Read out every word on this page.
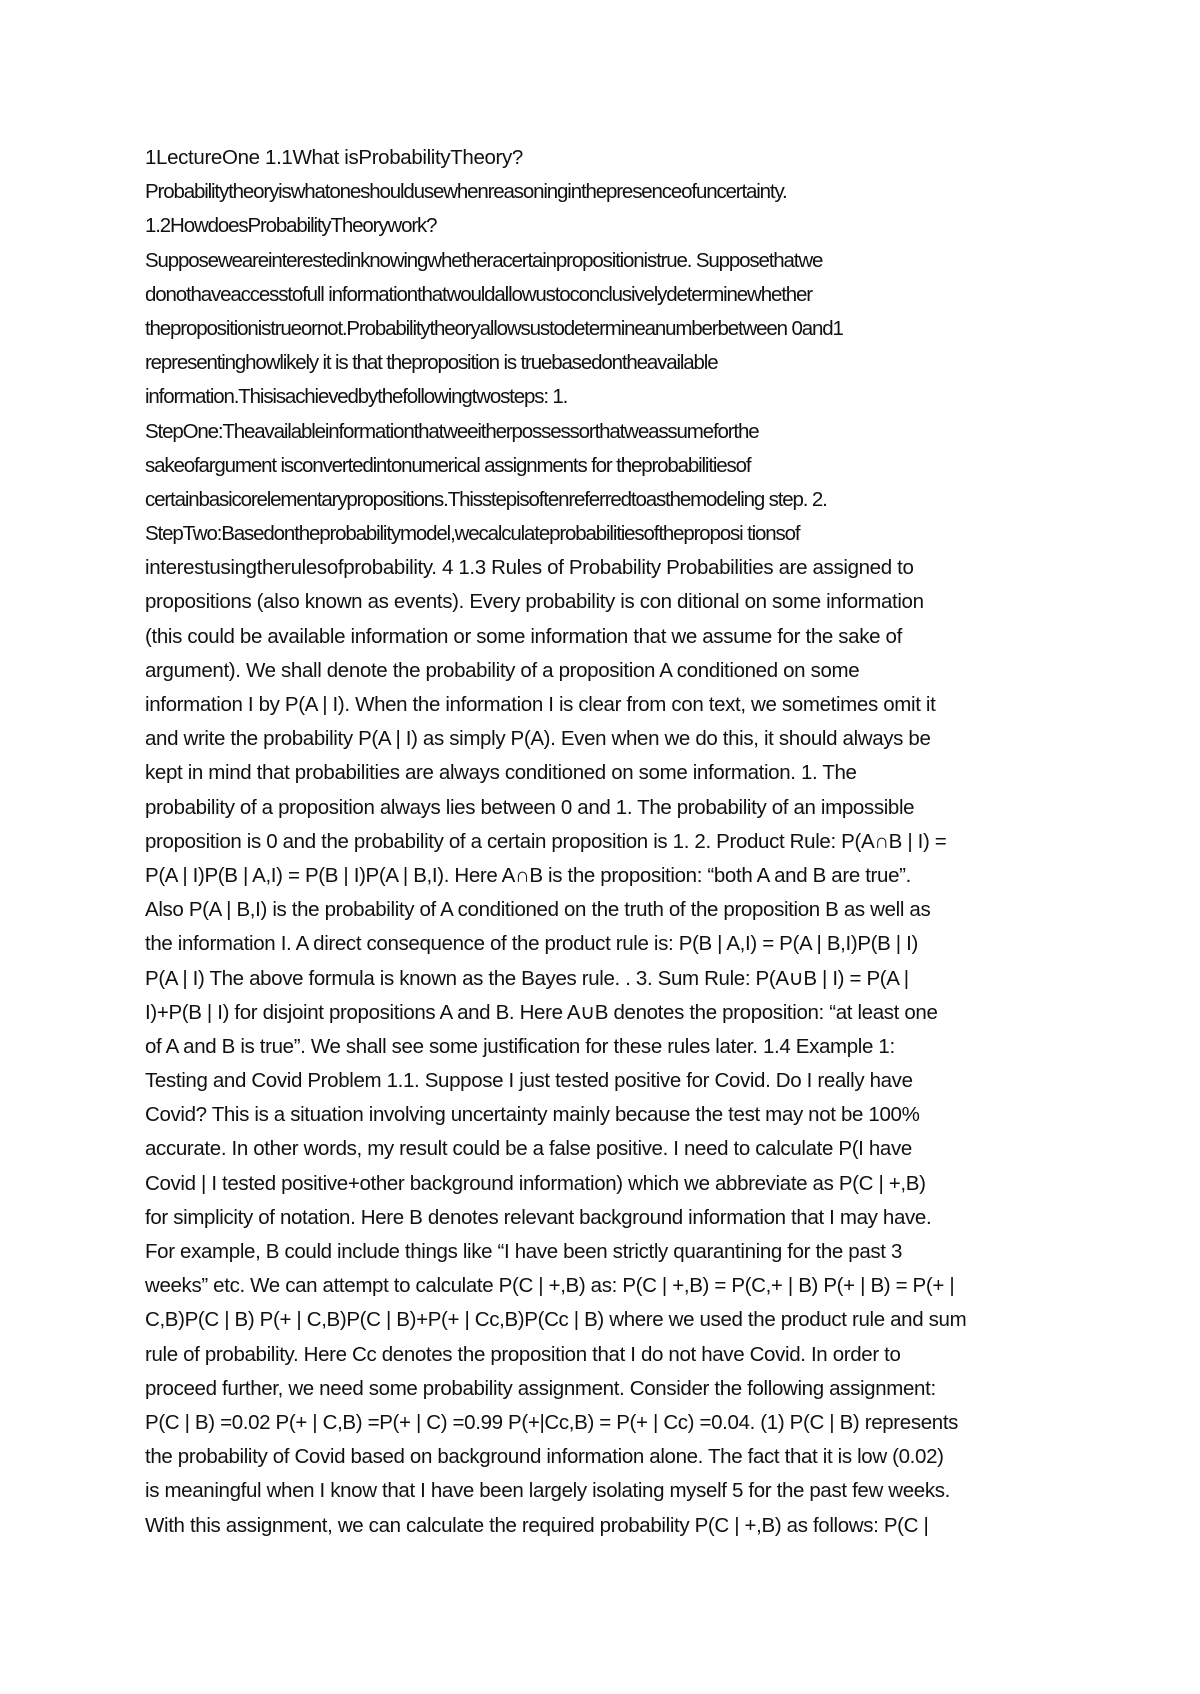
1LectureOne 1.1What isProbabilityTheory?
Probabilitytheoryiswhatoneshouldusewhenreasoninginthepresenceofuncertainty.
1.2HowdoesProbabilityTheorywork?
Supposeweareinterestedinknowingwhetheracertainpropositionistrue. Supposethatwe
donothaveaccesstofull informationthatwouldallowustoconclusivelydeterminewhether
thepropositionistrueornot.Probabilitytheoryallowsustodetermineanumberbetween 0and1
representinghowlikely it is that theproposition is truebasedontheavailable
information.Thisisachievedbythefollowingtwosteps: 1.
StepOne:Theavailableinformationthatweeitherpossessorthatweassumeforthe
sakeofargument isconvertedintonumerical assignments for theprobabilitiesof
certainbasicorelementarypropositions.Thisstepisoftenreferredtoasthemodeling step. 2.
StepTwo:Basedontheprobabilitymodel,wecalculateprobabilitiesoftheproposi tionsof
interestusingtherulesofprobability. 4 1.3 Rules of Probability Probabilities are assigned to
propositions (also known as events). Every probability is con ditional on some information
(this could be available information or some information that we assume for the sake of
argument). We shall denote the probability of a proposition A conditioned on some
information I by P(A | I). When the information I is clear from con text, we sometimes omit it
and write the probability P(A | I) as simply P(A). Even when we do this, it should always be
kept in mind that probabilities are always conditioned on some information. 1. The
probability of a proposition always lies between 0 and 1. The probability of an impossible
proposition is 0 and the probability of a certain proposition is 1. 2. Product Rule: P(A∩B | I) =
P(A | I)P(B | A,I) = P(B | I)P(A | B,I). Here A∩B is the proposition: “both A and B are true”.
Also P(A | B,I) is the probability of A conditioned on the truth of the proposition B as well as
the information I. A direct consequence of the product rule is: P(B | A,I) = P(A | B,I)P(B | I)
P(A | I) The above formula is known as the Bayes rule. . 3. Sum Rule: P(A∪B | I) = P(A |
I)+P(B | I) for disjoint propositions A and B. Here A∪B denotes the proposition: “at least one
of A and B is true”. We shall see some justification for these rules later. 1.4 Example 1:
Testing and Covid Problem 1.1. Suppose I just tested positive for Covid. Do I really have
Covid? This is a situation involving uncertainty mainly because the test may not be 100%
accurate. In other words, my result could be a false positive. I need to calculate P(I have
Covid | I tested positive+other background information) which we abbreviate as P(C | +,B)
for simplicity of notation. Here B denotes relevant background information that I may have.
For example, B could include things like “I have been strictly quarantining for the past 3
weeks” etc. We can attempt to calculate P(C | +,B) as: P(C | +,B) = P(C,+ | B) P(+ | B) = P(+ |
C,B)P(C | B) P(+ | C,B)P(C | B)+P(+ | Cc,B)P(Cc | B) where we used the product rule and sum
rule of probability. Here Cc denotes the proposition that I do not have Covid. In order to
proceed further, we need some probability assignment. Consider the following assignment:
P(C | B) =0.02 P(+ | C,B) =P(+ | C) =0.99 P(+|Cc,B) = P(+ | Cc) =0.04. (1) P(C | B) represents
the probability of Covid based on background information alone. The fact that it is low (0.02)
is meaningful when I know that I have been largely isolating myself 5 for the past few weeks.
With this assignment, we can calculate the required probability P(C | +,B) as follows: P(C |
